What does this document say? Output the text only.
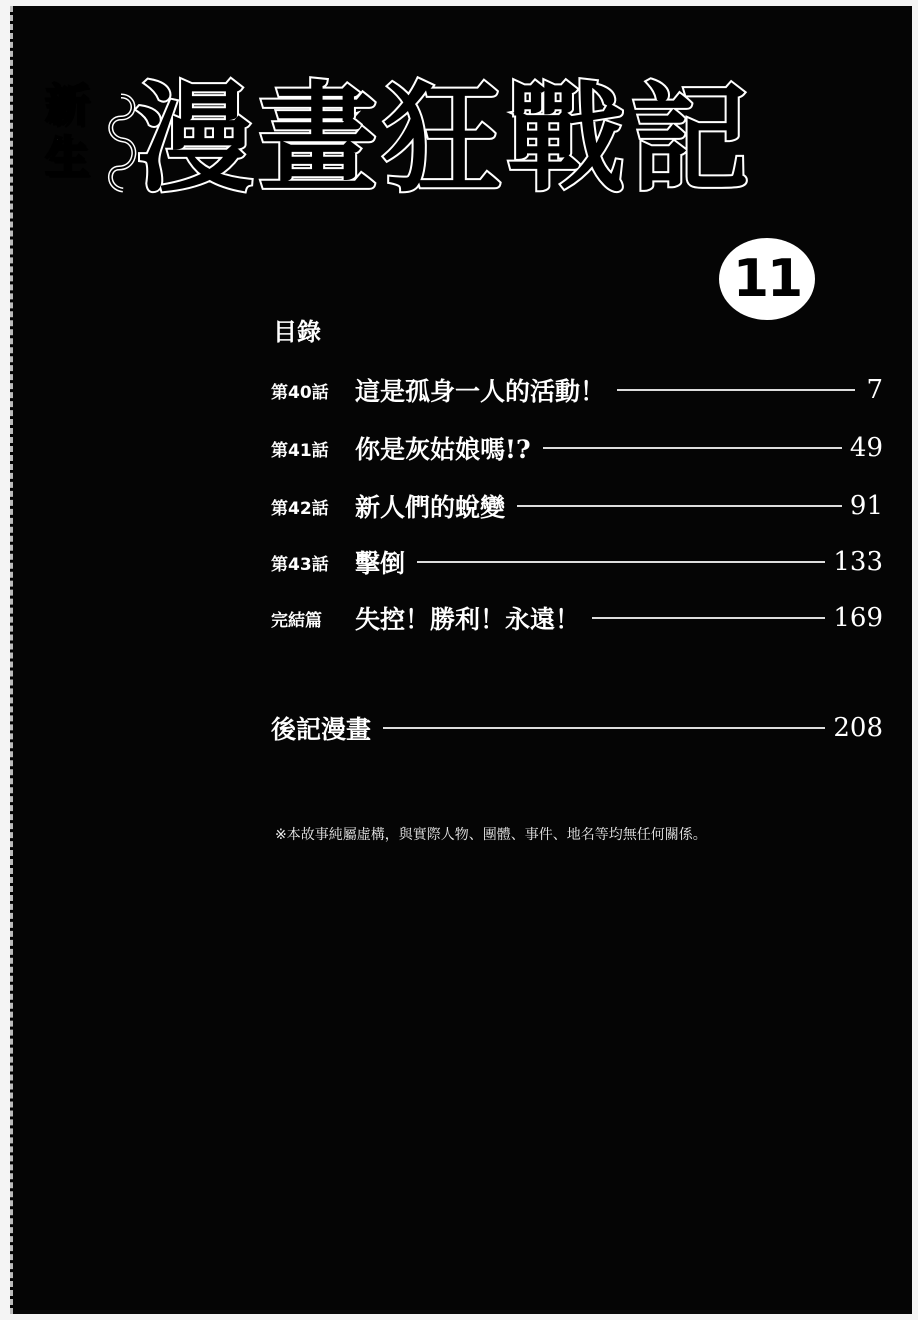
新
生 漫畫狂戰記
11
目錄
第40話	這是孤身一人的活動！	7
第41話	你是灰姑娘嗎!?	49
第42話	新人們的蛻變	91
第43話	擊倒	133
完結篇	失控！勝利！永遠！	169
後記漫畫	208
※本故事純屬虛構，與實際人物、團體、事件、地名等均無任何關係。
